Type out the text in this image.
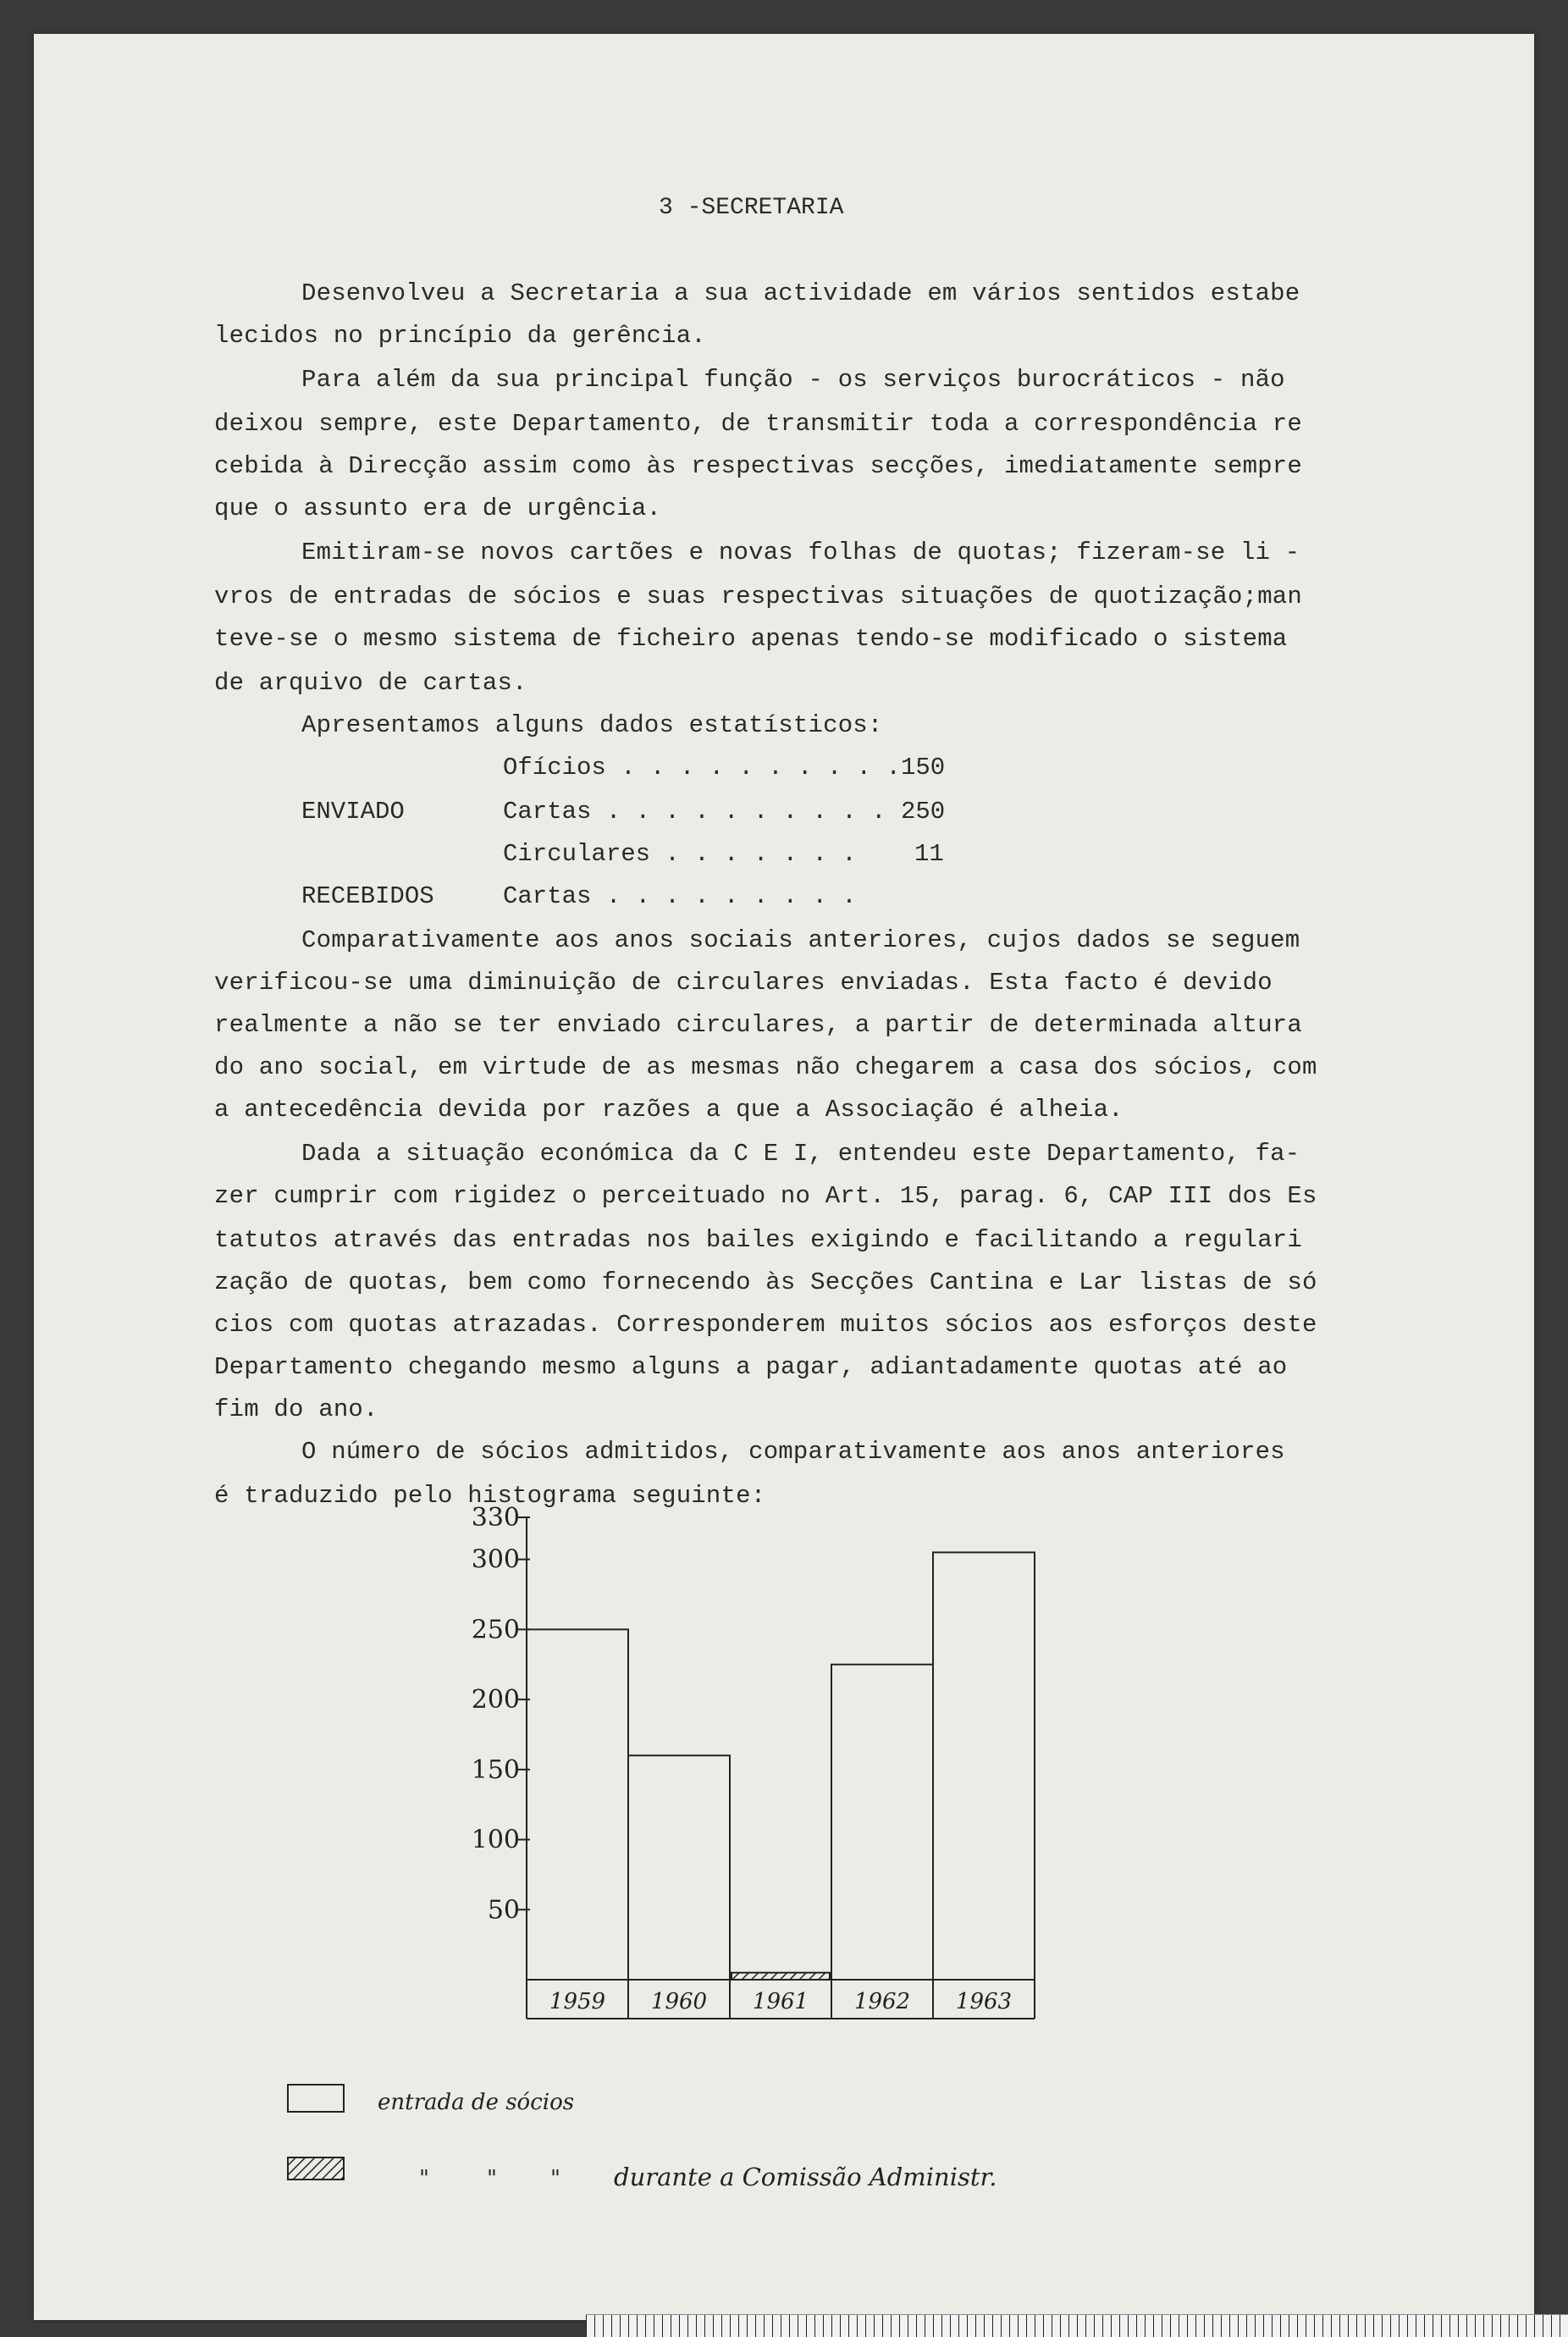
3 -SECRETARIA
Desenvolveu a Secretaria a sua actividade em vários sentidos estabe
lecidos no princípio da gerência.
Para além da sua principal função - os serviços burocráticos - não
deixou sempre, este Departamento, de transmitir toda a correspondência re
cebida à Direcção assim como às respectivas secções, imediatamente sempre
que o assunto era de urgência.
Emitiram-se novos cartões e novas folhas de quotas; fizeram-se li -
vros de entradas de sócios e suas respectivas situações de quotização;man
teve-se o mesmo sistema de ficheiro apenas tendo-se modificado o sistema
de arquivo de cartas.
Apresentamos alguns dados estatísticos:
Ofícios . . . . . . . . . . 150
ENVIADO	Cartas . . . . . . . . . . 250
Circulares . . . . . . . 11
RECEBIDOS	Cartas . . . . . . . . .
Comparativamente aos anos sociais anteriores, cujos dados se seguem
verificou-se uma diminuição de circulares enviadas. Esta facto é devido
realmente a não se ter enviado circulares, a partir de determinada altura
do ano social, em virtude de as mesmas não chegarem a casa dos sócios, com
a antecedência devida por razões a que a Associação é alheia.
Dada a situação económica da C E I, entendeu este Departamento, fa-
zer cumprir com rigidez o perceituado no Art. 15, parag. 6, CAP III dos Es
tatutos através das entradas nos bailes exigindo e facilitando a regulari
zação de quotas, bem como fornecendo às Secções Cantina e Lar listas de só
cios com quotas atrazadas. Corresponderem muitos sócios aos esforços deste
Departamento chegando mesmo alguns a pagar, adiantadamente quotas até ao
fim do ano.
O número de sócios admitidos, comparativamente aos anos anteriores
é traduzido pelo histograma seguinte:
50
100
150
200
250
300
330
1959 1960 1961 1962 1963
entrada de sócios
"	" " durante a Comissão Administr.
